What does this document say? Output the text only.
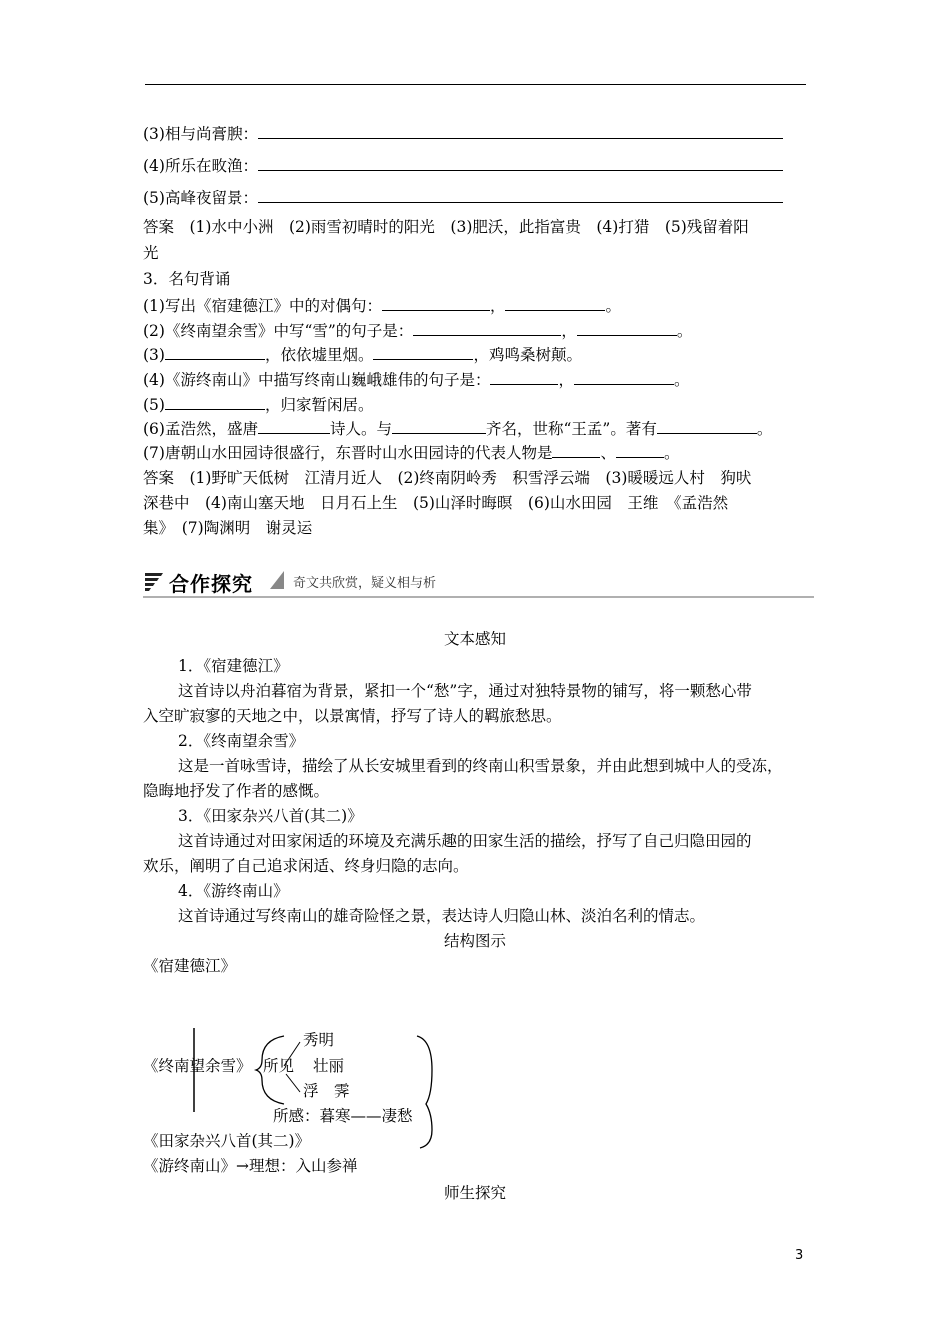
(3)相与尚膏腴：
(4)所乐在畋渔：
(5)高峰夜留景：
答案　(1)水中小洲　(2)雨雪初晴时的阳光　(3)肥沃，此指富贵　(4)打猎　(5)残留着阳
光
3．名句背诵
(1)写出《宿建德江》中的对偶句：	，	。
(2)《终南望余雪》中写“雪”的句子是：	，	。
(3)	，依依墟里烟。	，鸡鸣桑树颠。
(4)《游终南山》中描写终南山巍峨雄伟的句子是：	，	。
(5)	，归家暂闲居。
(6)孟浩然，盛唐	诗人。与	齐名，世称“王孟”。著有	。
(7)唐朝山水田园诗很盛行，东晋时山水田园诗的代表人物是	、	。
答案　(1)野旷天低树　江清月近人　(2)终南阴岭秀　积雪浮云端　(3)暖暖远人村　狗吠
深巷中　(4)南山塞天地　日月石上生　(5)山泽时晦暝　(6)山水田园　王维　《孟浩然
集》　(7)陶渊明　谢灵运
合作探究	奇文共欣赏，疑义相与析
文本感知
1．《宿建德江》
这首诗以舟泊暮宿为背景，紧扣一个“愁”字，通过对独特景物的铺写，将一颗愁心带
入空旷寂寥的天地之中，以景寓情，抒写了诗人的羁旅愁思。
2．《终南望余雪》
这是一首咏雪诗，描绘了从长安城里看到的终南山积雪景象，并由此想到城中人的受冻，
隐晦地抒发了作者的感慨。
3．《田家杂兴八首(其二)》
这首诗通过对田家闲适的环境及充满乐趣的田家生活的描绘，抒写了自己归隐田园的
欢乐，阐明了自己追求闲适、终身归隐的志向。
4．《游终南山》
这首诗通过写终南山的雄奇险怪之景，表达诗人归隐山林、淡泊名利的情志。
结构图示
《宿建德江》
秀明
《终南望余雪》 所见 壮丽
浮　霁
所感：暮寒——凄愁
《田家杂兴八首(其二)》
《游终南山》→理想：入山参禅
师生探究
3
